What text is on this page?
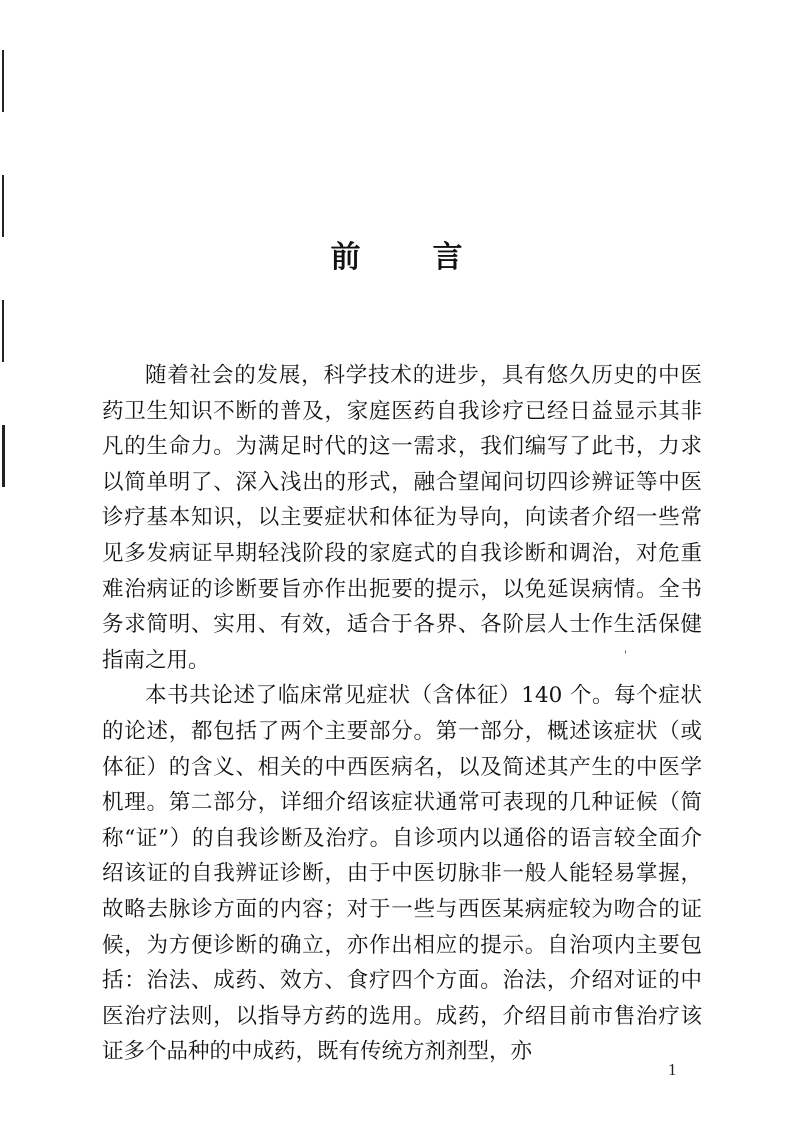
前 言

随着社会的发展，科学技术的进步，具有悠久历史的中医药卫生知识不断的普及，家庭医药自我诊疗已经日益显示其非凡的生命力。为满足时代的这一需求，我们编写了此书，力求以简单明了、深入浅出的形式，融合望闻问切四诊辨证等中医诊疗基本知识，以主要症状和体征为导向，向读者介绍一些常见多发病证早期轻浅阶段的家庭式的自我诊断和调治，对危重难治病证的诊断要旨亦作出扼要的提示，以免延误病情。全书务求简明、实用、有效，适合于各界、各阶层人士作生活保健指南之用。

本书共论述了临床常见症状（含体征）140 个。每个症状的论述，都包括了两个主要部分。第一部分，概述该症状（或体征）的含义、相关的中西医病名，以及简述其产生的中医学机理。第二部分，详细介绍该症状通常可表现的几种证候（简称“证”）的自我诊断及治疗。自诊项内以通俗的语言较全面介绍该证的自我辨证诊断，由于中医切脉非一般人能轻易掌握，故略去脉诊方面的内容；对于一些与西医某病症较为吻合的证候，为方便诊断的确立，亦作出相应的提示。自治项内主要包括：治法、成药、效方、食疗四个方面。治法，介绍对证的中医治疗法则，以指导方药的选用。成药，介绍目前市售治疗该证多个品种的中成药，既有传统方剂剂型，亦

'
1
